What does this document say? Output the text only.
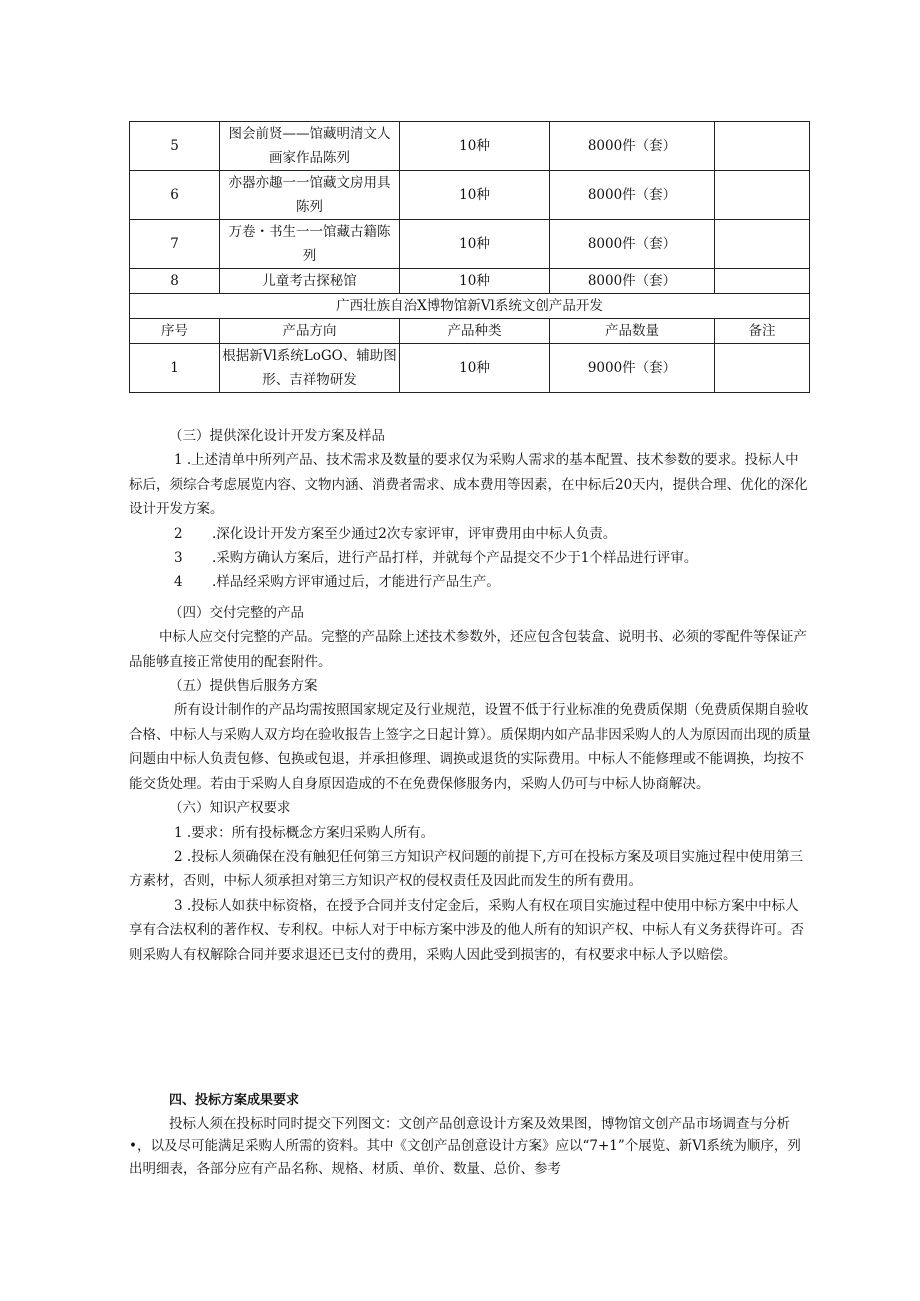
5	图会前贤——馆藏明清文人画家作品陈列	10种	8000件（套）	
6	亦器亦趣一一馆藏文房用具陈列	10种	8000件（套）	
7	万卷・书生一一馆藏古籍陈列	10种	8000件（套）	
8	儿童考古探秘馆	10种	8000件（套）	
广西壮族自治X博物馆新Vl系统文创产品开发				
序号	产品方向	产品种类	产品数量	备注
1	根据新Vl系统LoGO、辅助图形、吉祥物研发	10种	9000件（套）	

（三）提供深化设计开发方案及样品

1 .上述清单中所列产品、技术需求及数量的要求仅为采购人需求的基本配置、技术参数的要求。投标人中标后，须综合考虑展览内容、文物内涵、消费者需求、成本费用等因素，在中标后20天内，提供合理、优化的深化设计开发方案。

2 .深化设计开发方案至少通过2次专家评审，评审费用由中标人负责。

3 .采购方确认方案后，进行产品打样，并就每个产品提交不少于1个样品进行评审。

4 .样品经采购方评审通过后，才能进行产品生产。

（四）交付完整的产品

中标人应交付完整的产品。完整的产品除上述技术参数外，还应包含包装盒、说明书、必须的零配件等保证产品能够直接正常使用的配套附件。

（五）提供售后服务方案

所有设计制作的产品均需按照国家规定及行业规范，设置不低于行业标准的免费质保期（免费质保期自验收合格、中标人与采购人双方均在验收报告上签字之日起计算）。质保期内如产品非因采购人的人为原因而出现的质量问题由中标人负责包修、包换或包退，并承担修理、调换或退货的实际费用。中标人不能修理或不能调换，均按不能交货处理。若由于采购人自身原因造成的不在免费保修服务内，采购人仍可与中标人协商解决。

（六）知识产权要求

1 .要求：所有投标概念方案归采购人所有。

2 .投标人须确保在没有触犯任何第三方知识产权问题的前提下,方可在投标方案及项目实施过程中使用第三方素材，否则，中标人须承担对第三方知识产权的侵权责任及因此而发生的所有费用。

3 .投标人如获中标资格，在授予合同并支付定金后，采购人有权在项目实施过程中使用中标方案中中标人享有合法权利的著作权、专利权。中标人对于中标方案中涉及的他人所有的知识产权、中标人有义务获得许可。否则采购人有权解除合同并要求退还已支付的费用，采购人因此受到损害的，有权要求中标人予以赔偿。

四、投标方案成果要求

投标人须在投标时同时提交下列图文：文创产品创意设计方案及效果图，博物馆文创产品市场调查与分析•，以及尽可能满足采购人所需的资料。其中《文创产品创意设计方案》应以“7+1”个展览、新Vl系统为顺序，列出明细表，各部分应有产品名称、规格、材质、单价、数量、总价、参考
